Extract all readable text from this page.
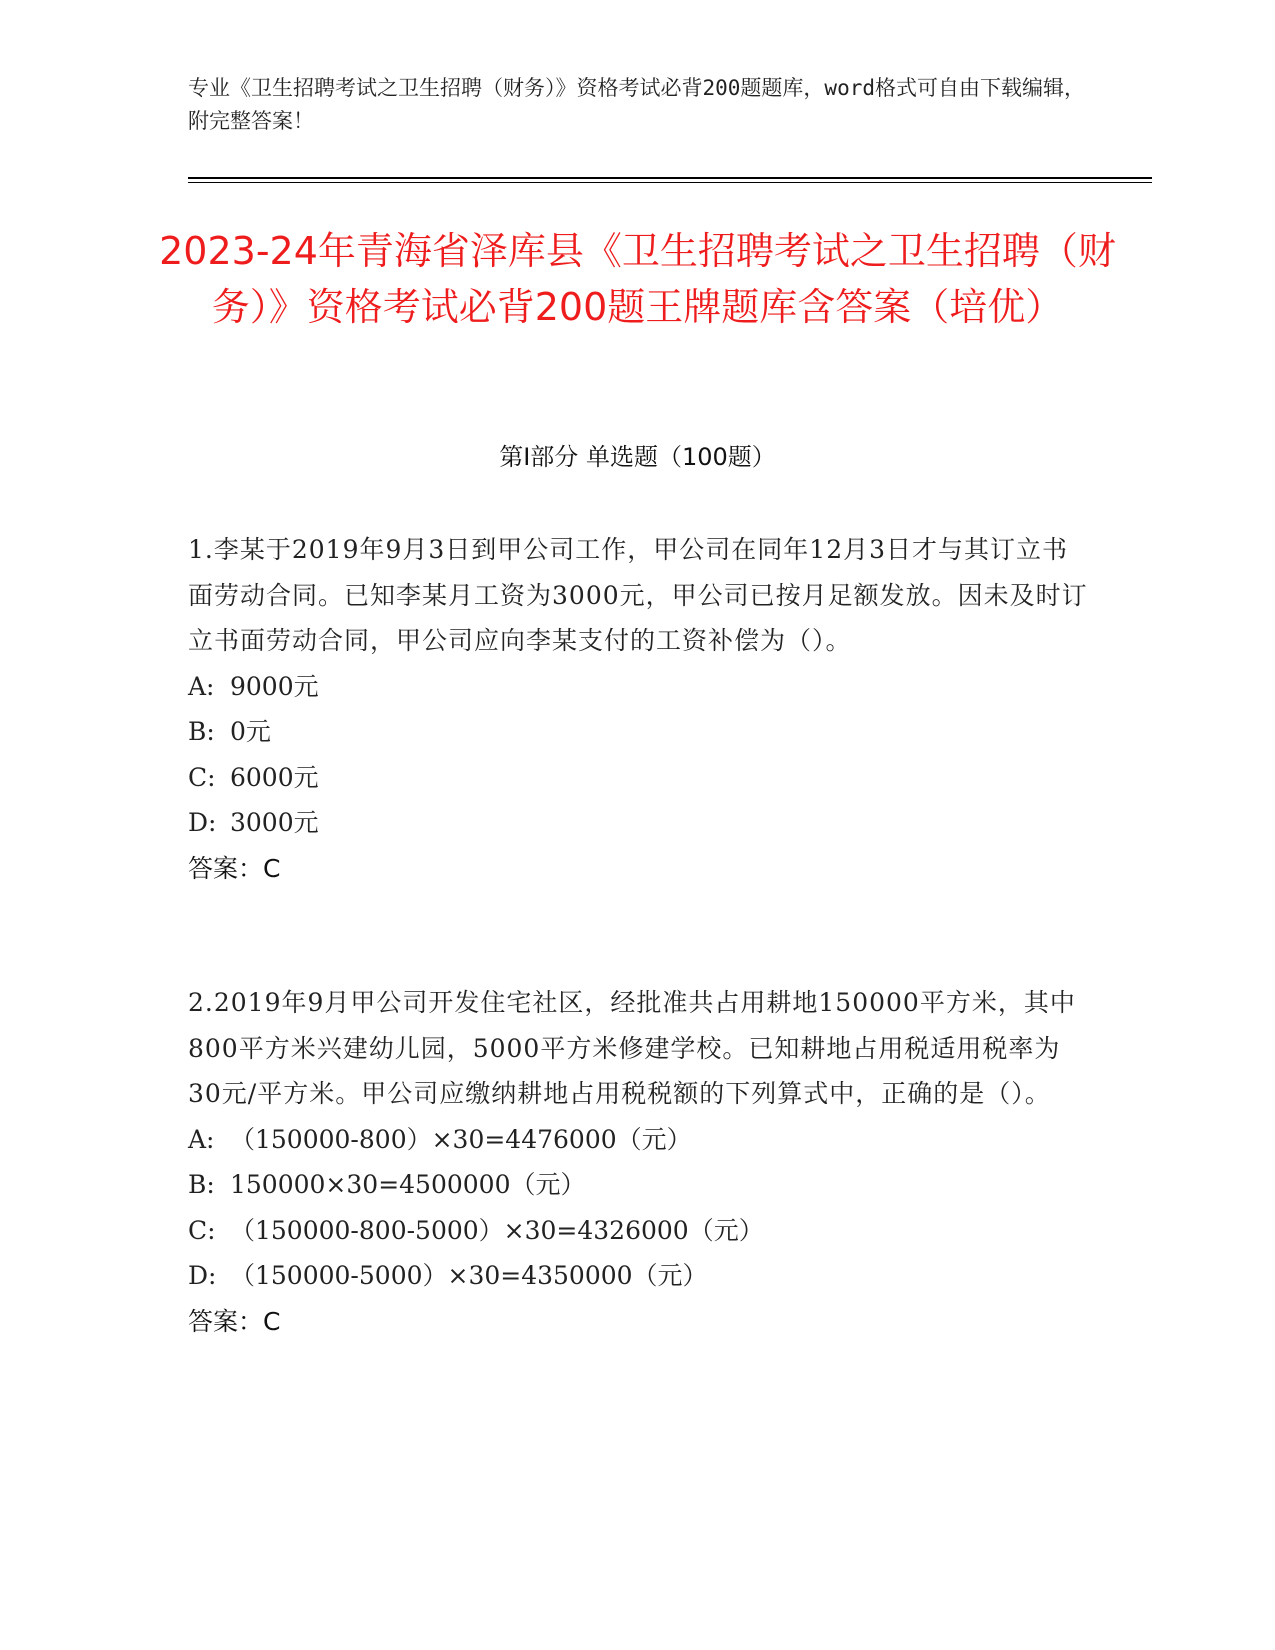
专业《卫生招聘考试之卫生招聘（财务）》资格考试必背200题题库，word格式可自由下载编辑，附完整答案！
2023-24年青海省泽库县《卫生招聘考试之卫生招聘（财务）》资格考试必背200题王牌题库含答案（培优）
第Ⅰ部分 单选题（100题）
1.李某于2019年9月3日到甲公司工作，甲公司在同年12月3日才与其订立书面劳动合同。已知李某月工资为3000元，甲公司已按月足额发放。因未及时订立书面劳动合同，甲公司应向李某支付的工资补偿为（）。
A: 9000元
B: 0元
C: 6000元
D: 3000元
答案：C
2.2019年9月甲公司开发住宅社区，经批准共占用耕地150000平方米，其中800平方米兴建幼儿园，5000平方米修建学校。已知耕地占用税适用税率为30元/平方米。甲公司应缴纳耕地占用税税额的下列算式中，正确的是（）。
A: （150000-800）×30=4476000（元）
B: 150000×30=4500000（元）
C: （150000-800-5000）×30=4326000（元）
D: （150000-5000）×30=4350000（元）
答案：C
